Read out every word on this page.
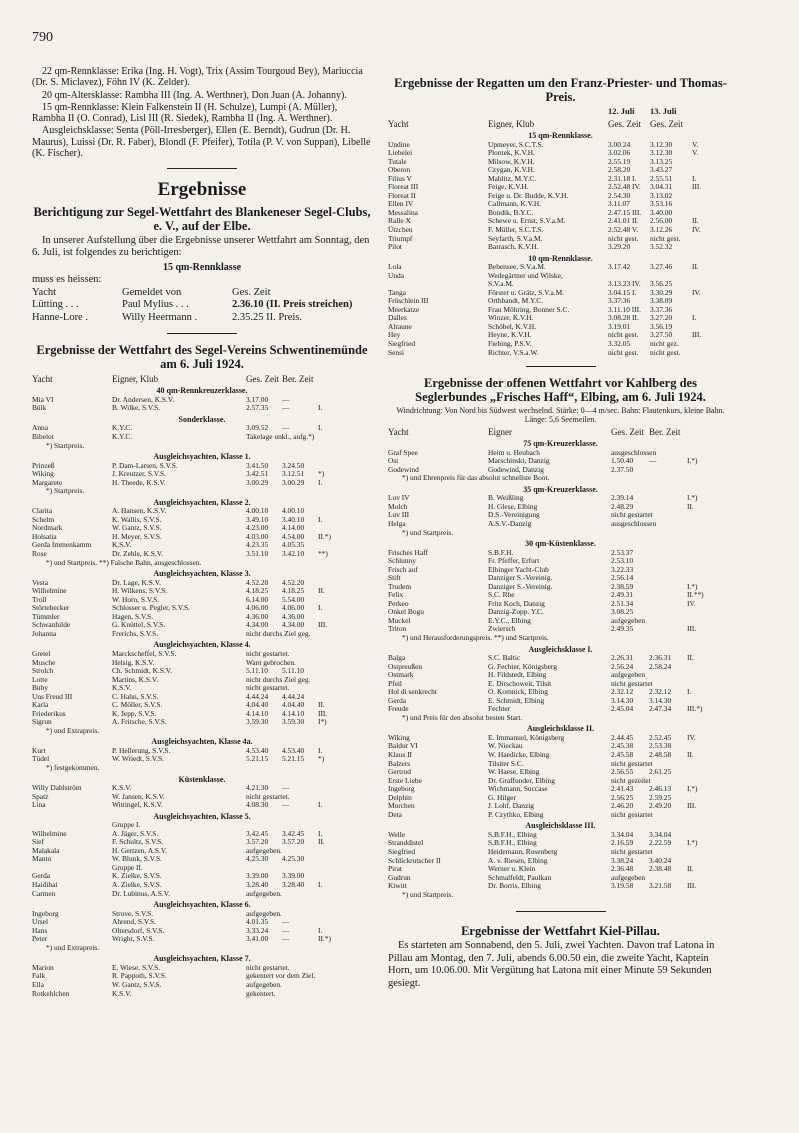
790

22 qm-Rennklasse: Erika (Ing. H. Vogt), Trix (Assim Tourgoud Bey), Mariuccia (Dr. S. Miclavez), Föhn IV (K. Zelder).

20 qm-Altersklasse: Rambha III (Ing. A. Werthner), Don Juan (A. Johanny).

15 qm-Rennklasse: Klein Falkenstein II (H. Schulze), Lumpi (A. Müller), Rambha II (O. Conrad), Lisl III (R. Siedek), Rambha II (Ing. A. Werthner).

Ausgleichsklasse: Senta (Pöll-Irresberger), Ellen (E. Berndt), Gudrun (Dr. H. Maurus), Luissi (Dr. R. Faber), Blondl (F. Pfeifer), Totila (P. V. von Suppan), Libelle (K. Fischer).

Ergebnisse
Berichtigung zur Segel-Wettfahrt des Blankeneser Segel-Clubs, e. V., auf der Elbe.

In unserer Aufstellung über die Ergebnisse unserer Wettfahrt am Sonntag, den 6. Juli, ist folgendes zu berichtigen:

15 qm-Rennklasse
muss es heissen:
Yacht	Gemeldet von	Ges. Zeit
Lütting . . .	Paul Mylius . . .	2.36.10 (II. Preis streichen)
Hanne-Lore .	Willy Heermann .	2.35.25 II. Preis.
Ergebnisse der Wettfahrt des Segel-Vereins Schwentinemünde am 6. Juli 1924.
Yacht	Eigner, Klub	Ges. Zeit Ber. Zeit
40 qm-Rennkreuzerklasse.
Mia VI	Dr. Andersen, K.S.V.	3.17.00	—
Bülk	B. Wilke, S.V.S.	2.57.35	—	I.
Sonderklasse.
Anna	K.Y.C.	3.09.52	—	I.
Bibelot	K.Y.C.	Takelage unkl., aufg.*)
*) Startpreis.
Ausgleichsyachten, Klasse 1.
Prinzeß	P. Dam-Larsen, S.V.S.	3.41.50	3.24.50
Wiking	J. Kreutzer, S.V.S.	3.42.51	3.12.51	*)
Margarete	H. Theede, K.S.V.	3.00.29	3.00.29	I.
*) Startpreis.
Ausgleichsyachten, Klasse 2.
Clarita	A. Hansen, K.S.V.	4.00.10	4.00.10
Schelm	K. Wallis, S.V.S.	3.49.10	3.40.10	I.
Nordmark	W. Gantz, S.V.S.	4.23.00	4.14.00
Holsatia	H. Meyer, S.V.S.	4.03.00	4.54.00	II.*)
Gerda Immenkamm	K.S.V.	4.23.35	4.05.35
Rose	Dr. Zehle, K.S.V.	3.51.10	3.42.10	**)
*) und Startpreis. **) Falsche Bahn, ausgeschlossen.
Ausgleichsyachten, Klasse 3.
Vesta	Dr. Lage, K.S.V.	4.52.20	4.52.20
Wilhelmine	H. Wilkens, S.V.S.	4.18.25	4.18.25	II.
Troll	W. Horn, S.V.S.	6.14.00	5.54.00
Störtebecker	Schlosser u. Pegler, S.V.S.	4.06.00	4.06.00	I.
Tümmler	Hagen, S.V.S.	4.36.00	4.36.00
Schwanhilde	G. Knüttel, S.V.S.	4.34.00	4.34.00	III.
Johanna	Frerichs, S.V.S.	nicht durchs Ziel geg.
Ausgleichsyachten, Klasse 4.
Gretel	Marckscheffel, S.V.S.	nicht gestartet.
Musche	Helsig, K.S.V.	Want gebrochen.
Strolch	Ch. Schmidt, K.S.V.	5.11.10	5.11.10
Lotte	Martins, K.S.V.	nicht durchs Ziel geg.
Buby	K.S.V.	nicht gestartet.
Uns Freud III	C. Hahn, S.V.S.	4.44.24	4.44.24
Karla	C. Möller, S.V.S.	4.04.40	4.04.40	II.
Friederikus	K. Jepp, S.V.S.	4.14.10	4.14.10	III.
Sigrun	A. Fritsche, S.V.S.	3.59.30	3.59.30	I*)
*) und Extrapreis.
Ausgleichsyachten, Klasse 4a.
Kurt	P. Hellerung, S.V.S.	4.53.40	4.53.40	I.
Tüdel	W. Wriedt, S.V.S.	5.21.15	5.21.15	*)
*) festgekommen.
Küstenklasse.
Willy Dahlström	K.S.V.	4.21.30	—
Spatz	W. Jansen, K.S.V.	nicht gestartet.
Lina	Wittingel, K.S.V.	4.08.30	—	I.
Ausgleichsyachten, Klasse 5.
Gruppe I.
Wilhelmine	A. Jäger, S.V.S.	3.42.45	3.42.45	I.
Sief	F. Schultz, S.V.S.	3.57.20	3.57.20	II.
Malakala	H. Gertzen, A.S.V.	aufgegeben.
Manto	W. Blunk, S.V.S.	4.25.30	4.25.30
Gruppe II.
Gerda	K. Zielke, S.V.S.	3.39.00	3.39.00
Haidihai	A. Zielke, S.V.S.	3.28.40	3.28.40	I.
Carmen	Dr. Lubinus, A.S.V.	aufgegeben.
Ausgleichsyachten, Klasse 6.
Ingeborg	Struve, S.V.S.	aufgegeben.
Ursel	Ahrend, S.V.S.	4.01.35	—
Hans	Oltersdorf, S.V.S.	3.33.24	—	I.
Peter	Wright, S.V.S.	3.41.00	—	II.*)
*) und Extrapreis.
Ausgleichsyachten, Klasse 7.
Marion	E. Wiese, S.V.S.	nicht gestartet.
Falk	R. Pappoth, S.V.S.	gekentert vor dem Ziel.
Ella	W. Gantz, S.V.S.	aufgegeben.
Rotkehlchen	K.S.V.	gekentert.
Ergebnisse der Regatten um den Franz-Priester- und Thomas-Preis.
12. Juli	13. Juli
Yacht	Eigner, Klub	Ges. Zeit	Ges. Zeit
15 qm-Rennklasse.
Undine	Upmeyer, S.C.T.S.	3.00.24	3.12.30	V.
Liebelei	Plontek, K.V.H.	3.02.06	3.12.30	V.
Tutale	Milsow, K.V.H.	2.55.19	3.13.25
Oberon	Czygan, K.V.H.	2.58.20	3.43.27
Filius V	Mahlitz, M.Y.C.	2.31.18 I.	2.55.51	I.
Floreat III	Feige, K.V.H.	2.52.48 IV.	3.04.31	III.
Floreat II	Feige u. Dr. Budde, K.V.H.	2.54.30	3.13.02
Ellen IV	Callmann, K.V.H.	3.11.07	3.53.16
Messalina	Bondik, B.Y.C.	2.47.15 III.	3.40.00
Ralle X	Schewe u. Ernst, S.V.a.M.	2.41.01 II.	2.56.00	II.
Ützchen	F. Müller, S.C.T.S.	2.52.48 V.	3.12.26	IV.
Triumpf	Seyfarth, S.V.a.M.	nicht gest.	nicht gest.
Pilot	Barrasch, K.V.H.	3.29.20	3.52.32
10 qm-Rennklasse.
Lola	Bebensee, S.V.a.M.	3.17.42	3.27.46	II.
Unda	Wedegärtner und Wilske,
S.V.a.M.	3.13.23 IV.	3.56.25
Tanga	Förster u. Grätz, S.V.a.M.	3.04.15 I.	3.30.29	IV.
Fröschlein III	Orthbandt, M.Y.C.	3.37.36	3.38.09
Meerkatze	Frau Möhring, Bonner S.C.	3.11.10 III.	3.37.36
Dalles	Winzer, K.V.H.	3.08.28 II.	3.27.20	I.
Alraune	Schöbel, K.V.H.	3.19.01	3.56.19
Hey	Heyne, K.V.H.	nicht gest.	3.27.50	III.
Siegfried	Fiebing, P.S.V.	3.32.05	nicht gez.
Sensi	Richter, V.S.a.W.	nicht gest.	nicht gest.
Ergebnisse der offenen Wettfahrt vor Kahlberg des Seglerbundes „Frisches Haff“, Elbing, am 6. Juli 1924.
Windrichtung: Von Nord bis Südwest wechselnd. Stärke: 0—4 m/sec. Bahn: Flautenkurs, kleine Bahn. Länge: 5,6 Seemeilen.
Yacht	Eigner	Ges. Zeit Ber. Zeit
75 qm-Kreuzerklasse.
Graf Spee	Heim u. Heubach	ausgeschlossen
Ost	Marschinski, Danzig	1.50.40	—	I.*)
Godewind	Godewind, Danzig	2.37.50
*) und Ehrenpreis für das absolut schnellste Boot.
35 qm-Kreuzerklasse.
Luv IV	B. Weißling	2.39.14	I.*)
Molch	H. Glese, Elbing	2.48.29	II.
Luv III	D.S.-Vereinigung	nicht gestartet
Helga	A.S.V.-Danzig	ausgeschlossen
*) und Startpreis.
30 qm-Küstenklasse.
Frisches Haff	S.B.F.H.	2.53.37
Schlunny	Fr. Pfeffer, Erfurt	2.53.10
Frisch auf	Elbinger Yacht-Club	3.22.33
Stift	Danziger S.-Vereinig.	2.56.14
Trudem	Danziger S.-Vereinig.	2.38.59	I.*)
Felix	S.C. Rhe	2.49.31	II.**)
Perkeo	Fritz Koch, Danzig	2.51.34	IV.
Onkel Bogu	Danzig-Zopp. Y.C.	3.08.25
Muckel	E.Y.C., Elbing	aufgegeben
Triton	Zwiersch	2.49.35	III.
*) und Herausforderungspreis. **) und Startpreis.
Ausgleichsklasse I.
Balga	S.C. Baltic	2.26.31	2.36.31	II.
Ostpreußen	G. Fechter, Königsberg	2.56.24	2.58.24
Ostmark	H. Fildstedt, Elbing	aufgegeben
Pfeil	E. Dirschoweit, Tilsit	nicht gestartet
Hol di senkrecht	O. Komnick, Elbing	2.32.12	2.32.12	I.
Gerda	E. Schmidt, Elbing	3.14.30	3.14.30
Freude	Fechter	2.45.04	2.47.34	III.*)
*) und Preis für den absolut besten Start.
Ausgleichsklasse II.
Wiking	E. Immanuel, Königsberg	2.44.45	2.52.45	IV.
Baldur VI	W. Nieckau	2.45.38	2.53.38
Klaus II	W. Haedicke, Elbing	2.45.58	2.48.58	II.
Balzers	Tilsiter S.C.	nicht gestartet
Gertrud	W. Haese, Elbing	2.56.55	2.61.25
Erste Liebe	Dr. Graffunder, Elbing	nicht gezeitet
Ingeborg	Wichmann, Succase	2.41.43	2.46.13	I.*)
Delphin	G. Hilger	2.56.25	2.59.25
Morchen	J. Lohf, Danzig	2.46.20	2.49.20	III.
Deta	P. Czythko, Elbing	nicht gestartet
Ausgleichsklasse III.
Welle	S.B.F.H., Elbing	3.34.04	3.34.04
Stranddistel	S.B.F.H., Elbing	2.16.59	2.22.59	I.*)
Siegfried	Heidemann, Rosenberg	nicht gestartet
Schlickrutscher II	A. v. Riesen, Elbing	3.38.24	3.40.24
Pirat	Werner u. Klein	2.36.48	2.38.48	II.
Gudrun	Schmalfeldt, Paulkan	aufgegeben
Kiwitt	Dr. Borris, Elbing	3.19.58	3.21.58	III.
*) und Startpreis.
Ergebnisse der Wettfahrt Kiel-Pillau.

Es starteten am Sonnabend, den 5. Juli, zwei Yachten. Davon traf Latona in Pillau am Montag, den 7. Juli, abends 6.00.50 ein, die zweite Yacht, Kaptein Horn, um 10.06.00. Mit Vergütung hat Latona mit einer Minute 59 Sekunden gesiegt.
